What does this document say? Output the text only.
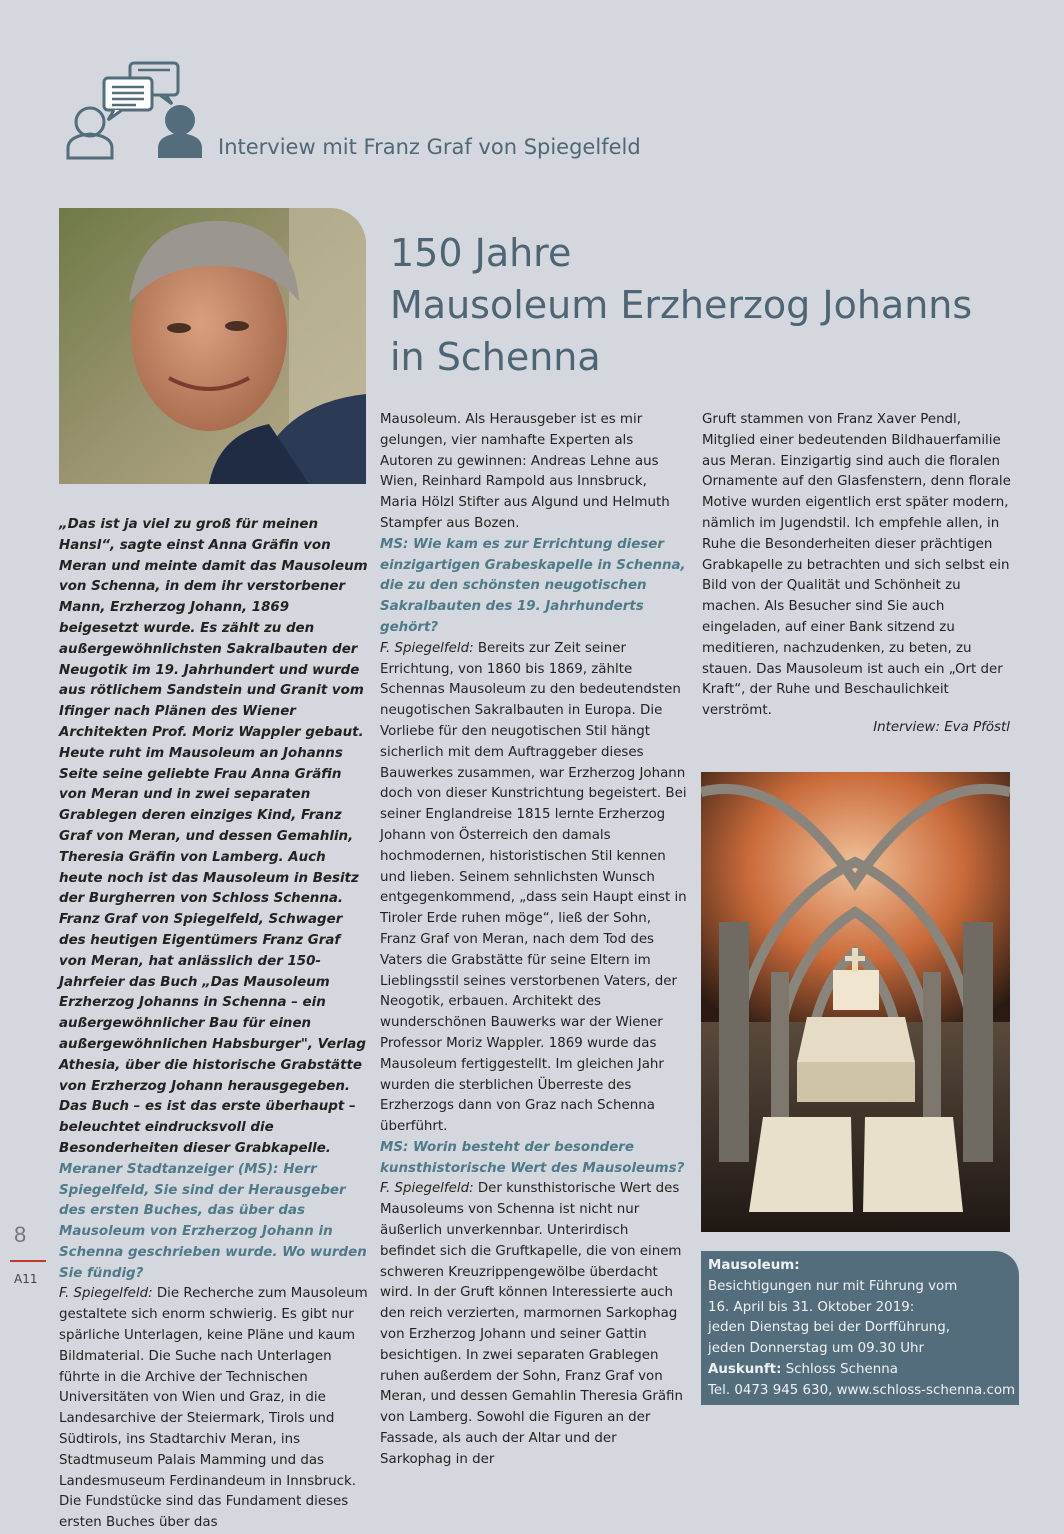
Interview mit Franz Graf von Spiegelfeld
150 Jahre
Mausoleum Erzherzog Johanns
in Schenna

„Das ist ja viel zu groß für meinen Hansl“, sagte einst Anna Gräfin von Meran und meinte damit das Mausoleum von Schenna, in dem ihr verstorbener Mann, Erzherzog Johann, 1869 beigesetzt wurde. Es zählt zu den außergewöhnlichsten Sakralbauten der Neugotik im 19. Jahrhundert und wurde aus rötlichem Sandstein und Granit vom Ifinger nach Plänen des Wiener Architekten Prof. Moriz Wappler gebaut. Heute ruht im Mausoleum an Johanns Seite seine geliebte Frau Anna Gräfin von Meran und in zwei separaten Grablegen deren einziges Kind, Franz Graf von Meran, und dessen Gemahlin, Theresia Gräfin von Lamberg. Auch heute noch ist das Mausoleum in Besitz der Burgherren von Schloss Schenna. Franz Graf von Spiegelfeld, Schwager des heutigen Eigentümers Franz Graf von Meran, hat anlässlich der 150-Jahrfeier das Buch „Das Mausoleum Erzherzog Johanns in Schenna – ein außergewöhnlicher Bau für einen außergewöhnlichen Habsburger", Verlag Athesia, über die historische Grabstätte von Erzherzog Johann herausgegeben. Das Buch – es ist das erste überhaupt – beleuchtet eindrucksvoll die Besonderheiten dieser Grabkapelle.

Meraner Stadtanzeiger (MS): Herr Spiegelfeld, Sie sind der Herausgeber des ersten Buches, das über das Mausoleum von Erzherzog Johann in Schenna geschrieben wurde. Wo wurden Sie fündig?

F. Spiegelfeld: Die Recherche zum Mausoleum gestaltete sich enorm schwierig. Es gibt nur spärliche Unterlagen, keine Pläne und kaum Bildmaterial. Die Suche nach Unterlagen führte in die Archive der Technischen Universitäten von Wien und Graz, in die Landesarchive der Steiermark, Tirols und Südtirols, ins Stadtarchiv Meran, ins Stadtmuseum Palais Mamming und das Landesmuseum Ferdinandeum in Innsbruck. Die Fundstücke sind das Fundament dieses ersten Buches über das

Mausoleum. Als Herausgeber ist es mir gelungen, vier namhafte Experten als Autoren zu gewinnen: Andreas Lehne aus Wien, Reinhard Rampold aus Innsbruck, Maria Hölzl Stifter aus Algund und Helmuth Stampfer aus Bozen.

MS: Wie kam es zur Errichtung dieser einzigartigen Grabeskapelle in Schenna, die zu den schönsten neugotischen Sakralbauten des 19. Jahrhunderts gehört?

F. Spiegelfeld: Bereits zur Zeit seiner Errichtung, von 1860 bis 1869, zählte Schennas Mausoleum zu den bedeutendsten neugotischen Sakralbauten in Europa. Die Vorliebe für den neugotischen Stil hängt sicherlich mit dem Auftraggeber dieses Bauwerkes zusammen, war Erzherzog Johann doch von dieser Kunstrichtung begeistert. Bei seiner Englandreise 1815 lernte Erzherzog Johann von Österreich den damals hochmodernen, historistischen Stil kennen und lieben. Seinem sehnlichsten Wunsch entgegenkommend, „dass sein Haupt einst in Tiroler Erde ruhen möge“, ließ der Sohn, Franz Graf von Meran, nach dem Tod des Vaters die Grabstätte für seine Eltern im Lieblingsstil seines verstorbenen Vaters, der Neogotik, erbauen. Architekt des wunderschönen Bauwerks war der Wiener Professor Moriz Wappler. 1869 wurde das Mausoleum fertiggestellt. Im gleichen Jahr wurden die sterblichen Überreste des Erzherzogs dann von Graz nach Schenna überführt.

MS: Worin besteht der besondere kunsthistorische Wert des Mausoleums?

F. Spiegelfeld: Der kunsthistorische Wert des Mausoleums von Schenna ist nicht nur äußerlich unverkennbar. Unterirdisch befindet sich die Gruftkapelle, die von einem schweren Kreuzrippengewölbe überdacht wird. In der Gruft können Interessierte auch den reich verzierten, marmornen Sarkophag von Erzherzog Johann und seiner Gattin besichtigen. In zwei separaten Grablegen ruhen außerdem der Sohn, Franz Graf von Meran, und dessen Gemahlin Theresia Gräfin von Lamberg. Sowohl die Figuren an der Fassade, als auch der Altar und der Sarkophag in der

Gruft stammen von Franz Xaver Pendl, Mitglied einer bedeutenden Bildhauerfamilie aus Meran. Einzigartig sind auch die floralen Ornamente auf den Glasfenstern, denn florale Motive wurden eigentlich erst später modern, nämlich im Jugendstil. Ich empfehle allen, in Ruhe die Besonderheiten dieser prächtigen Grabkapelle zu betrachten und sich selbst ein Bild von der Qualität und Schönheit zu machen. Als Besucher sind Sie auch eingeladen, auf einer Bank sitzend zu meditieren, nachzudenken, zu beten, zu stauen. Das Mausoleum ist auch ein „Ort der Kraft“, der Ruhe und Beschaulichkeit verströmt.

Interview: Eva Pföstl
Mausoleum:
Besichtigungen nur mit Führung vom
16. April bis 31. Oktober 2019:
jeden Dienstag bei der Dorfführung,
jeden Donnerstag um 09.30 Uhr
Auskunft: Schloss Schenna
Tel. 0473 945 630, www.schloss-schenna.com
8
A11
